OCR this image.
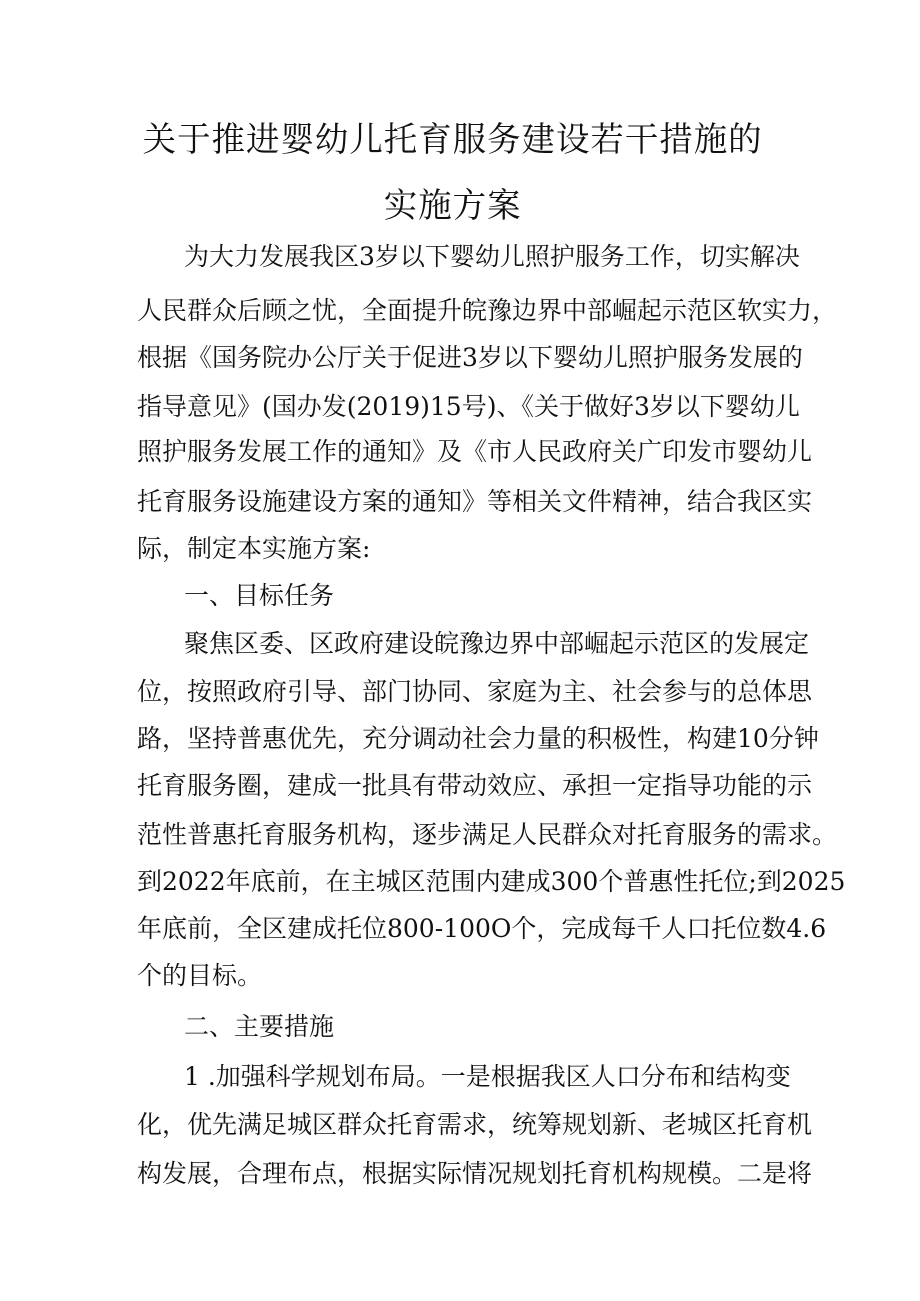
关于推进婴幼儿托育服务建设若干措施的
实施方案
为大力发展我区3岁以下婴幼儿照护服务工作，切实解决
人民群众后顾之忧，全面提升皖豫边界中部崛起示范区软实力，
根据《国务院办公厅关于促进3岁以下婴幼儿照护服务发展的
指导意见》(国办发(2019)15号)、《关于做好3岁以下婴幼儿
照护服务发展工作的通知》及《市人民政府关广印发市婴幼儿
托育服务设施建设方案的通知》等相关文件精神，结合我区实
际，制定本实施方案:
一、目标任务
聚焦区委、区政府建设皖豫边界中部崛起示范区的发展定
位，按照政府引导、部门协同、家庭为主、社会参与的总体思
路，坚持普惠优先，充分调动社会力量的积极性，构建10分钟
托育服务圈，建成一批具有带动效应、承担一定指导功能的示
范性普惠托育服务机构，逐步满足人民群众对托育服务的需求。
到2022年底前，在主城区范围内建成300个普惠性托位;到2025
年底前，全区建成托位800-100O个，完成每千人口托位数4.6
个的目标。
二、主要措施
1 .加强科学规划布局。一是根据我区人口分布和结构变
化，优先满足城区群众托育需求，统筹规划新、老城区托育机
构发展，合理布点，根据实际情况规划托育机构规模。二是将
